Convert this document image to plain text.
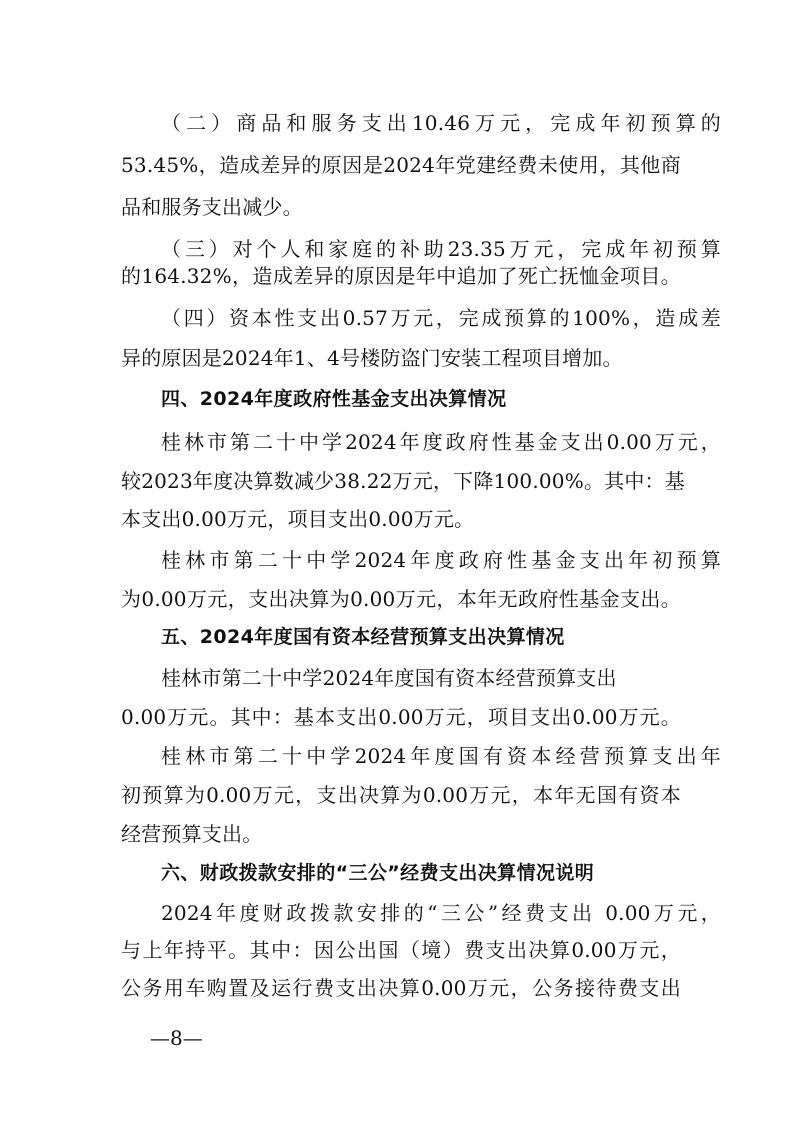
（二）商品和服务支出10.46万元，完成年初预算的
53.45%，造成差异的原因是2024年党建经费未使用，其他商
品和服务支出减少。
（三）对个人和家庭的补助23.35万元，完成年初预算
的164.32%，造成差异的原因是年中追加了死亡抚恤金项目。
（四）资本性支出0.57万元，完成预算的100%，造成差
异的原因是2024年1、4号楼防盗门安装工程项目增加。
四、2024年度政府性基金支出决算情况
桂林市第二十中学2024年度政府性基金支出0.00万元，
较2023年度决算数减少38.22万元，下降100.00%。其中：基
本支出0.00万元，项目支出0.00万元。
桂林市第二十中学2024年度政府性基金支出年初预算
为0.00万元，支出决算为0.00万元，本年无政府性基金支出。
五、2024年度国有资本经营预算支出决算情况
桂林市第二十中学2024年度国有资本经营预算支出
0.00万元。其中：基本支出0.00万元，项目支出0.00万元。
桂林市第二十中学2024年度国有资本经营预算支出年
初预算为0.00万元，支出决算为0.00万元，本年无国有资本
经营预算支出。
六、财政拨款安排的“三公”经费支出决算情况说明
2024年度财政拨款安排的“三公”经费支出 0.00万元，
与上年持平。其中：因公出国（境）费支出决算0.00万元，
公务用车购置及运行费支出决算0.00万元，公务接待费支出
—8—
